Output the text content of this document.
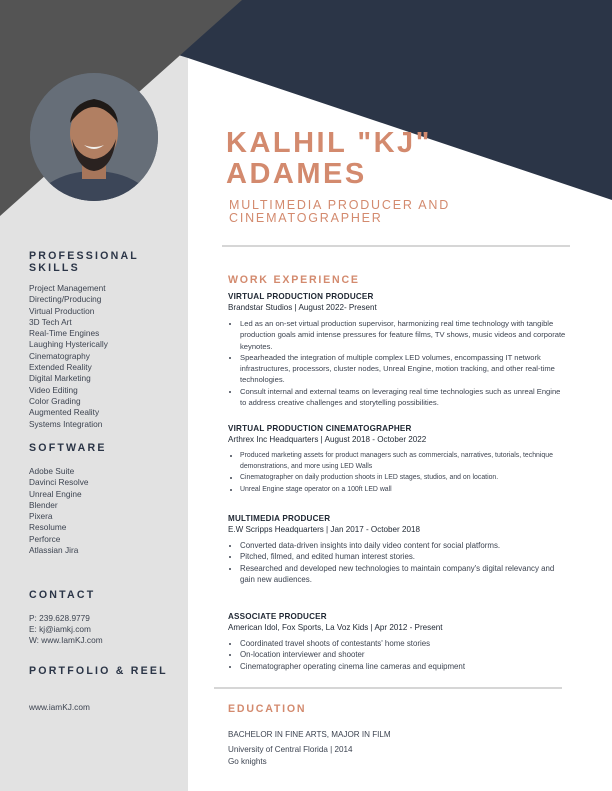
KALHIL "KJ"
ADAMES

MULTIMEDIA PRODUCER AND
CINEMATOGRAPHER

PROFESSIONAL
SKILLS
Project Management
Directing/Producing
Virtual Production
3D Tech Art
Real-Time Engines
Laughing Hysterically
Cinematography
Extended Reality
Digital Marketing
Video Editing
Color Grading
Augmented Reality
Systems Integration
SOFTWARE
Adobe Suite
Davinci Resolve
Unreal Engine
Blender
Pixera
Resolume
Perforce
Atlassian Jira
CONTACT
P: 239.628.9779
E: kj@iamkj.com
W: www.IamKJ.com
PORTFOLIO & REEL
www.iamKJ.com
WORK EXPERIENCE

VIRTUAL PRODUCTION PRODUCER

Brandstar Studios | August 2022- Present

• Led as an on-set virtual production supervisor, harmonizing real time technology with tangible production goals amid intense pressures for feature films, TV shows, music videos and corporate keynotes.
• Spearheaded the integration of multiple complex LED volumes, encompassing IT network infrastructures, processors, cluster nodes, Unreal Engine, motion tracking, and other real-time technologies.
• Consult internal and external teams on leveraging real time technologies such as unreal Engine to address creative challenges and storytelling possibilities.

VIRTUAL PRODUCTION CINEMATOGRAPHER

Arthrex Inc Headquarters | August 2018 - October 2022

• Produced marketing assets for product managers such as commercials, narratives, tutorials, technique demonstrations, and more using LED Walls
• Cinematographer on daily production shoots in LED stages, studios, and on location.
• Unreal Engine stage operator on a 100ft LED wall

MULTIMEDIA PRODUCER

E.W Scripps Headquarters | Jan 2017 - October 2018

• Converted data-driven insights into daily video content for social platforms.
• Pitched, filmed, and edited human interest stories.
• Researched and developed new technologies to maintain company's digital relevancy and gain new audiences.

ASSOCIATE PRODUCER

American Idol, Fox Sports, La Voz Kids | Apr 2012 - Present

• Coordinated travel shoots of contestants' home stories
• On-location interviewer and shooter
• Cinematographer operating cinema line cameras and equipment
EDUCATION
BACHELOR IN FINE ARTS, MAJOR IN FILM
University of Central Florida | 2014
Go knights
